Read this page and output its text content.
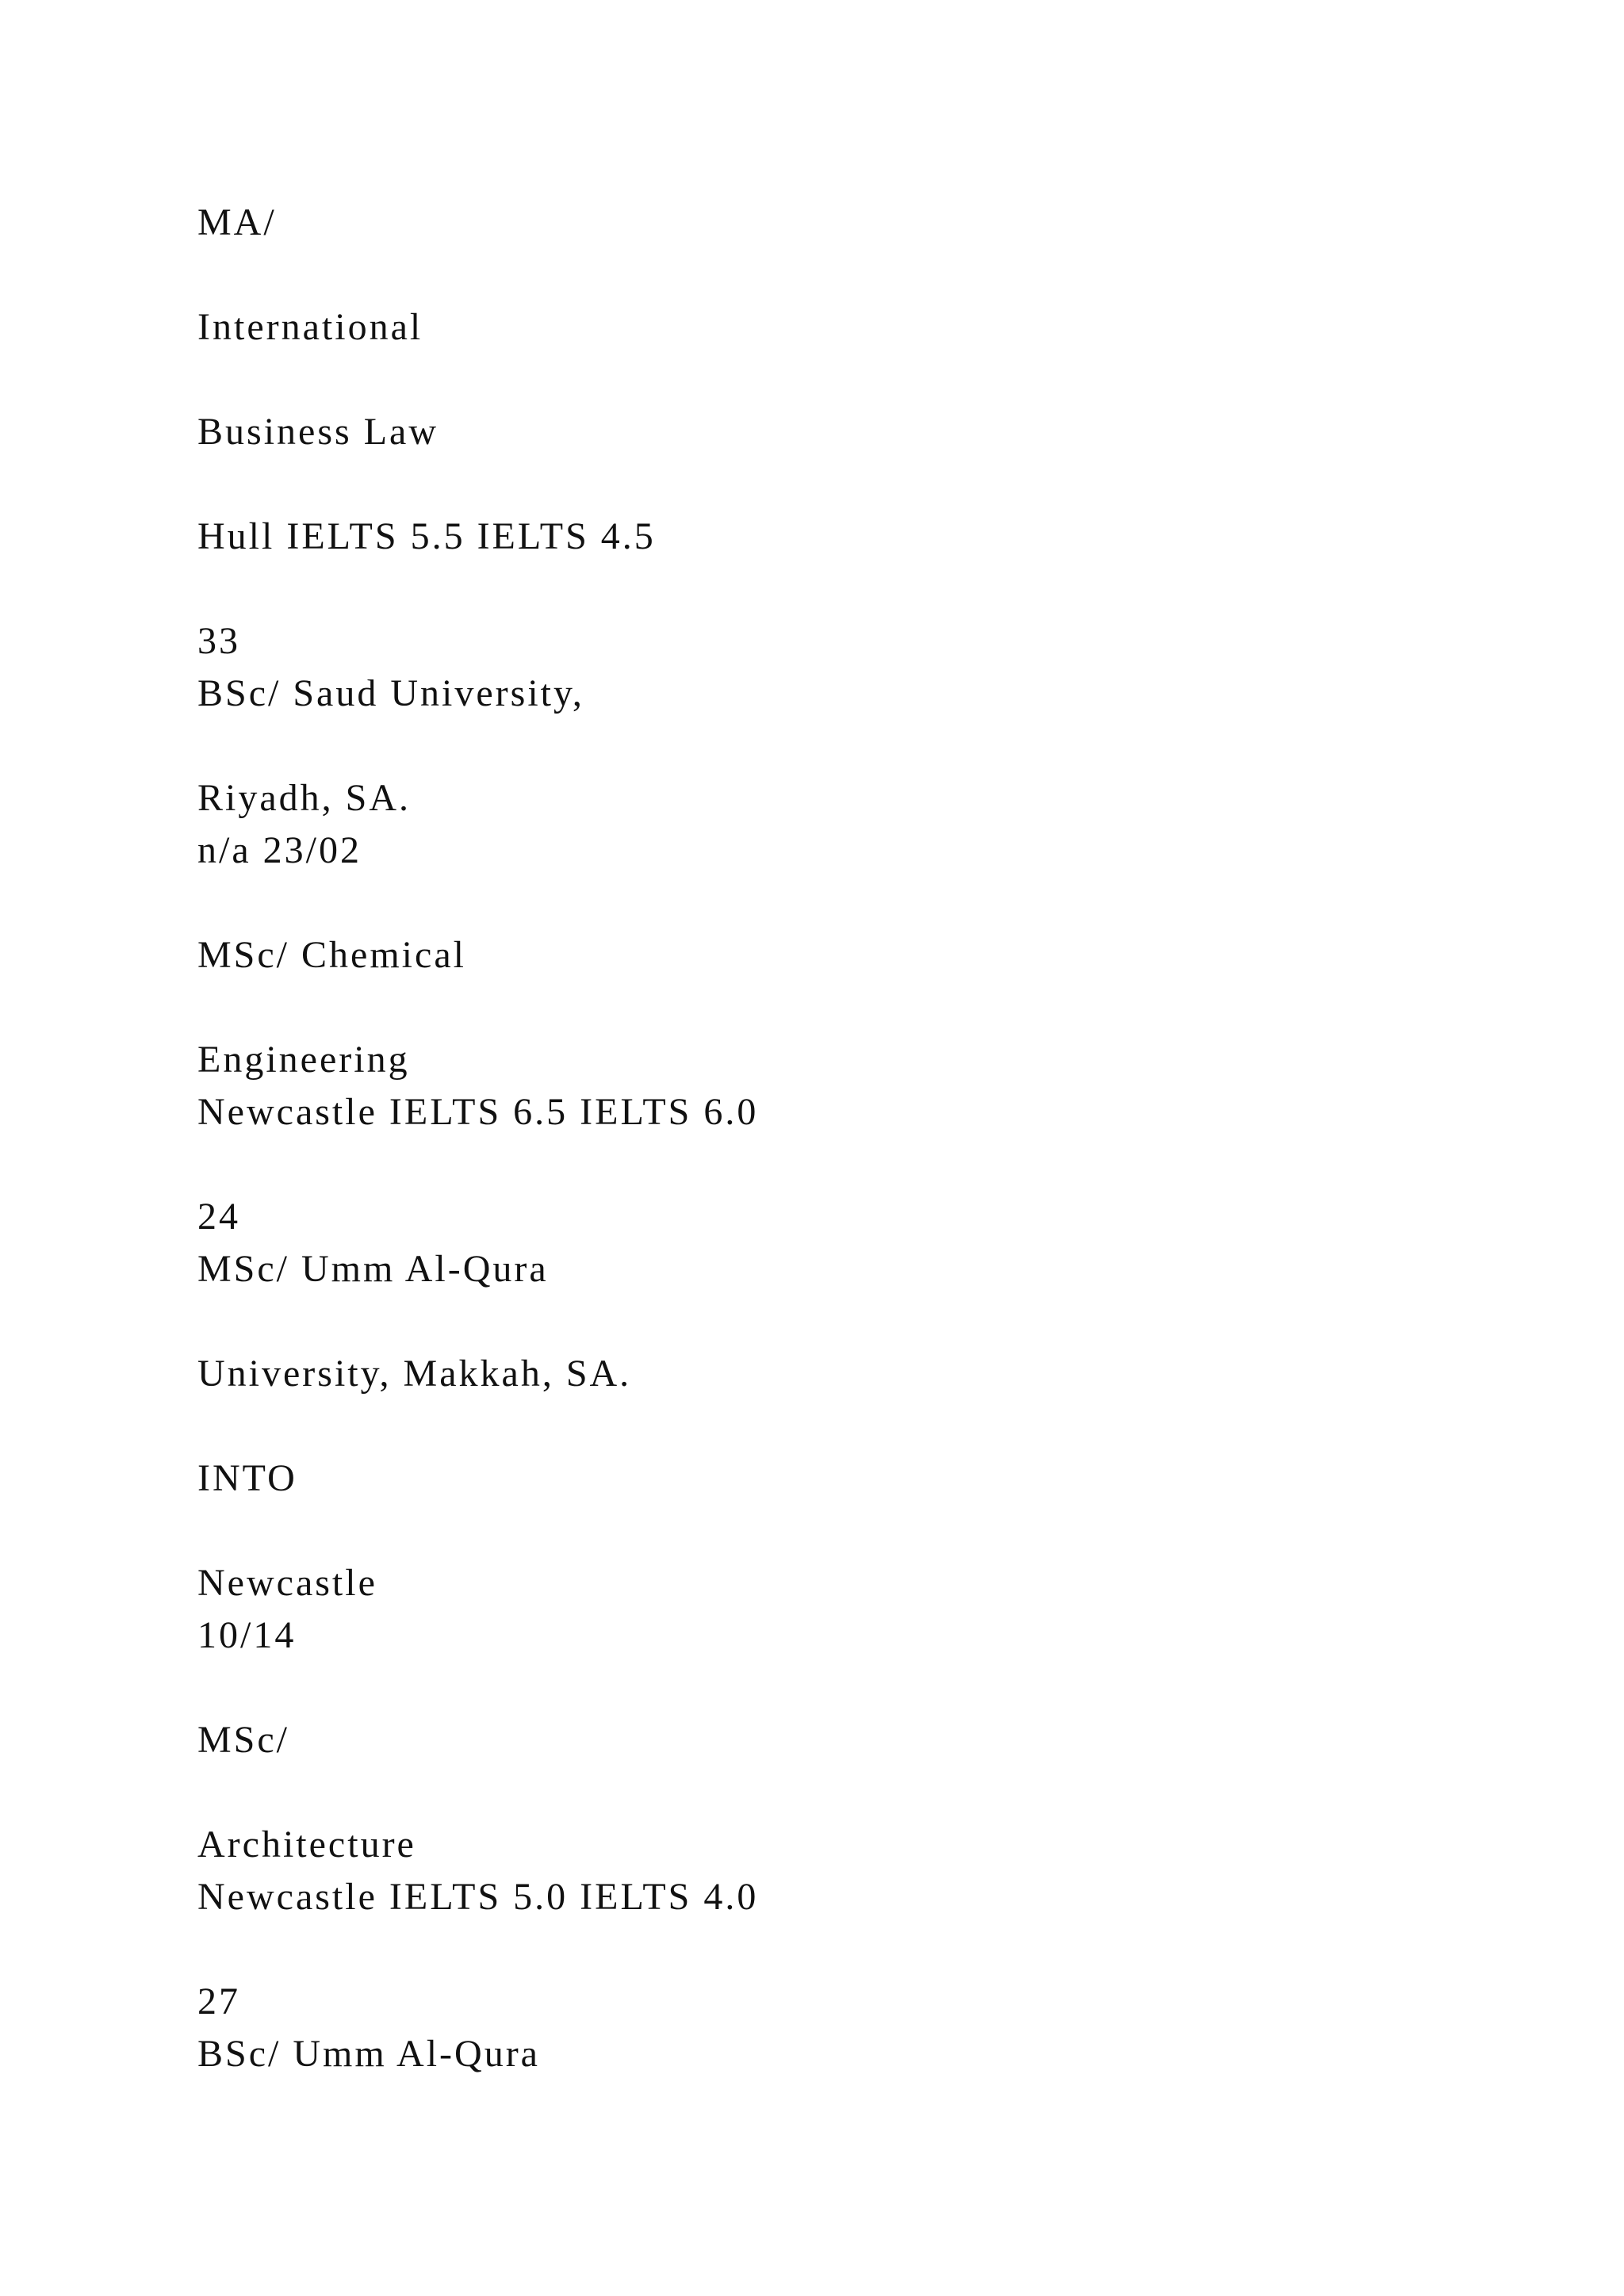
MA/

International

Business Law

Hull IELTS 5.5 IELTS 4.5

33

BSc/ Saud University,

Riyadh, SA.

n/a 23/02

MSc/ Chemical

Engineering

Newcastle IELTS 6.5 IELTS 6.0

24

MSc/ Umm Al-Qura

University, Makkah, SA.

INTO

Newcastle

10/14

MSc/

Architecture

Newcastle IELTS 5.0 IELTS 4.0

27

BSc/ Umm Al-Qura
